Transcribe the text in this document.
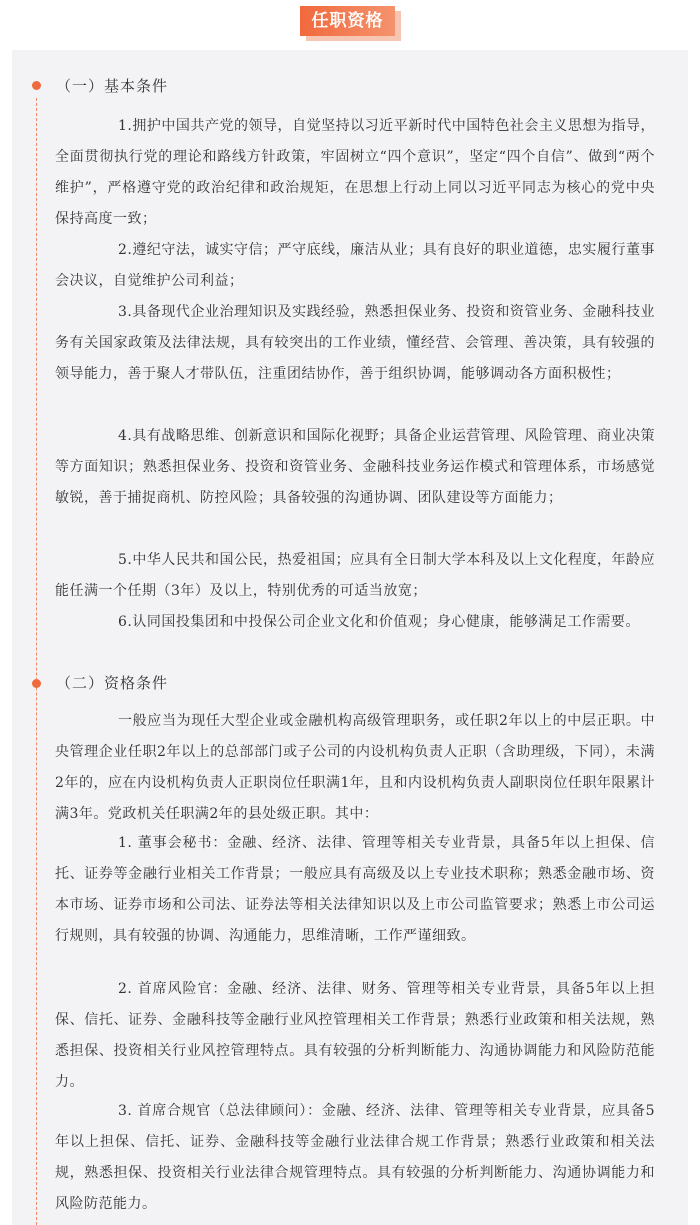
任职资格
（一）基本条件

1.拥护中国共产党的领导，自觉坚持以习近平新时代中国特色社会主义思想为指导，全面贯彻执行党的理论和路线方针政策，牢固树立“四个意识”，坚定“四个自信”、做到“两个维护”，严格遵守党的政治纪律和政治规矩，在思想上行动上同以习近平同志为核心的党中央保持高度一致；

2.遵纪守法，诚实守信；严守底线，廉洁从业；具有良好的职业道德，忠实履行董事会决议，自觉维护公司利益；

3.具备现代企业治理知识及实践经验，熟悉担保业务、投资和资管业务、金融科技业务有关国家政策及法律法规，具有较突出的工作业绩，懂经营、会管理、善决策，具有较强的领导能力，善于聚人才带队伍，注重团结协作，善于组织协调，能够调动各方面积极性；

4.具有战略思维、创新意识和国际化视野；具备企业运营管理、风险管理、商业决策等方面知识；熟悉担保业务、投资和资管业务、金融科技业务运作模式和管理体系，市场感觉敏锐，善于捕捉商机、防控风险；具备较强的沟通协调、团队建设等方面能力；

5.中华人民共和国公民，热爱祖国；应具有全日制大学本科及以上文化程度，年龄应能任满一个任期（3年）及以上，特别优秀的可适当放宽；

6.认同国投集团和中投保公司企业文化和价值观；身心健康，能够满足工作需要。

（二）资格条件

一般应当为现任大型企业或金融机构高级管理职务，或任职2年以上的中层正职。中央管理企业任职2年以上的总部部门或子公司的内设机构负责人正职（含助理级，下同），未满2年的，应在内设机构负责人正职岗位任职满1年，且和内设机构负责人副职岗位任职年限累计满3年。党政机关任职满2年的县处级正职。其中：

1. 董事会秘书：金融、经济、法律、管理等相关专业背景，具备5年以上担保、信托、证券等金融行业相关工作背景；一般应具有高级及以上专业技术职称；熟悉金融市场、资本市场、证券市场和公司法、证券法等相关法律知识以及上市公司监管要求；熟悉上市公司运行规则，具有较强的协调、沟通能力，思维清晰，工作严谨细致。

2. 首席风险官：金融、经济、法律、财务、管理等相关专业背景，具备5年以上担保、信托、证券、金融科技等金融行业风控管理相关工作背景；熟悉行业政策和相关法规，熟悉担保、投资相关行业风控管理特点。具有较强的分析判断能力、沟通协调能力和风险防范能力。

3. 首席合规官（总法律顾问）：金融、经济、法律、管理等相关专业背景，应具备5年以上担保、信托、证券、金融科技等金融行业法律合规工作背景；熟悉行业政策和相关法规，熟悉担保、投资相关行业法律合规管理特点。具有较强的分析判断能力、沟通协调能力和风险防范能力。
